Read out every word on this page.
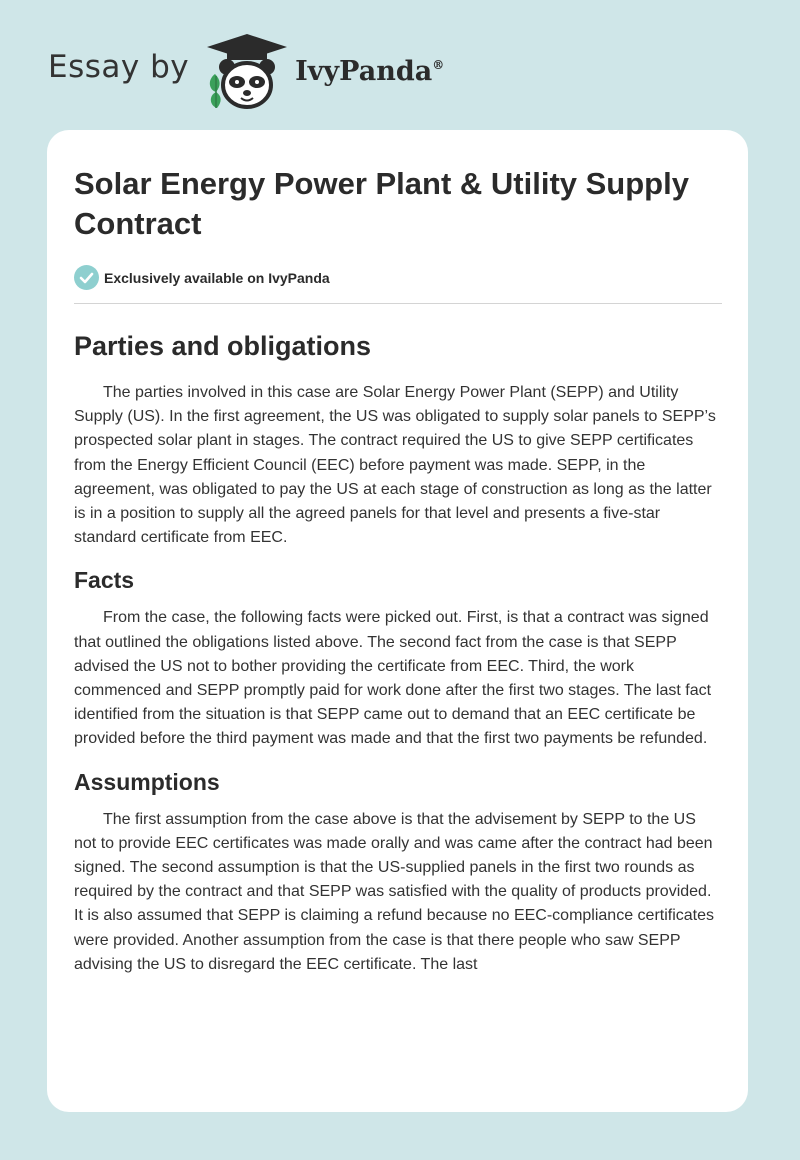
Essay by	IvyPanda®
Solar Energy Power Plant & Utility Supply Contract
Exclusively available on IvyPanda
Parties and obligations

The parties involved in this case are Solar Energy Power Plant (SEPP) and Utility Supply (US). In the first agreement, the US was obligated to supply solar panels to SEPP’s prospected solar plant in stages. The contract required the US to give SEPP certificates from the Energy Efficient Council (EEC) before payment was made. SEPP, in the agreement, was obligated to pay the US at each stage of construction as long as the latter is in a position to supply all the agreed panels for that level and presents a five-star standard certificate from EEC.

Facts

From the case, the following facts were picked out. First, is that a contract was signed that outlined the obligations listed above. The second fact from the case is that SEPP advised the US not to bother providing the certificate from EEC. Third, the work commenced and SEPP promptly paid for work done after the first two stages. The last fact identified from the situation is that SEPP came out to demand that an EEC certificate be provided before the third payment was made and that the first two payments be refunded.

Assumptions

The first assumption from the case above is that the advisement by SEPP to the US not to provide EEC certificates was made orally and was came after the contract had been signed. The second assumption is that the US-supplied panels in the first two rounds as required by the contract and that SEPP was satisfied with the quality of products provided. It is also assumed that SEPP is claiming a refund because no EEC-compliance certificates were provided. Another assumption from the case is that there people who saw SEPP advising the US to disregard the EEC certificate. The last
